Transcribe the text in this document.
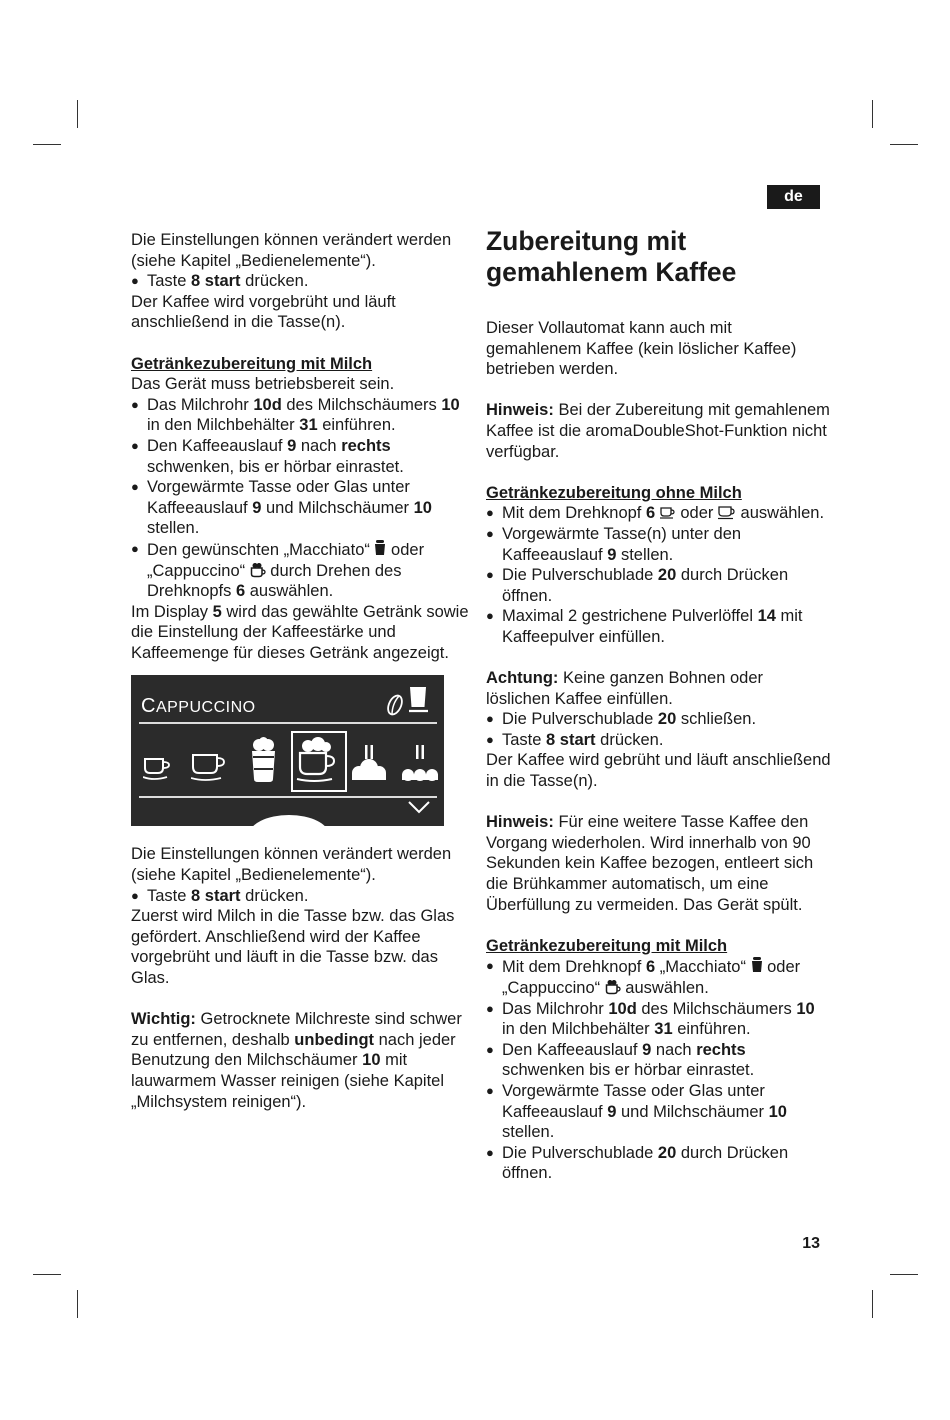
de
13

Die Einstellungen können verändert werden (siehe Kapitel „Bedienelemente“).

● Taste 8 start drücken.

Der Kaffee wird vorgebrüht und läuft anschließend in die Tasse(n).

Getränkezubereitung mit Milch

Das Gerät muss betriebsbereit sein.

● Das Milchrohr 10d des Milchschäumers 10 in den Milchbehälter 31 einführen.

● Den Kaffeeauslauf 9 nach rechts schwenken, bis er hörbar einrastet.

● Vorgewärmte Tasse oder Glas unter Kaffeeauslauf 9 und Milchschäumer 10 stellen.

● Den gewünschten „Macchiato“  oder „Cappuccino“  durch Drehen des Drehknopfs 6 auswählen.

Im Display 5 wird das gewählte Getränk sowie die Einstellung der Kaffeestärke und Kaffeemenge für dieses Getränk angezeigt.

CAPPUCCINO

Die Einstellungen können verändert werden (siehe Kapitel „Bedienelemente“).

● Taste 8 start drücken.

Zuerst wird Milch in die Tasse bzw. das Glas gefördert. Anschließend wird der Kaffee vorgebrüht und läuft in die Tasse bzw. das Glas.

Wichtig: Getrocknete Milchreste sind schwer zu entfernen, deshalb unbedingt nach jeder Benutzung den Milchschäumer 10 mit lauwarmem Wasser reinigen (siehe Kapitel „Milchsystem reinigen“).

Zubereitung mit gemahlenem Kaffee

Dieser Vollautomat kann auch mit gemahlenem Kaffee (kein löslicher Kaffee) betrieben werden.

Hinweis: Bei der Zubereitung mit gemahlenem Kaffee ist die aromaDoubleShot-Funktion nicht verfügbar.

Getränkezubereitung ohne Milch

● Mit dem Drehknopf 6  oder  auswählen.

● Vorgewärmte Tasse(n) unter den Kaffeeauslauf 9 stellen.

● Die Pulverschublade 20 durch Drücken öffnen.

● Maximal 2 gestrichene Pulverlöffel 14 mit Kaffeepulver einfüllen.

Achtung: Keine ganzen Bohnen oder löslichen Kaffee einfüllen.

● Die Pulverschublade 20 schließen.

● Taste 8 start drücken.

Der Kaffee wird gebrüht und läuft anschließend in die Tasse(n).

Hinweis: Für eine weitere Tasse Kaffee den Vorgang wiederholen. Wird innerhalb von 90 Sekunden kein Kaffee bezogen, entleert sich die Brühkammer automatisch, um eine Überfüllung zu vermeiden. Das Gerät spült.

Getränkezubereitung mit Milch

● Mit dem Drehknopf 6 „Macchiato“  oder „Cappuccino“  auswählen.

● Das Milchrohr 10d des Milchschäumers 10 in den Milchbehälter 31 einführen.

● Den Kaffeeauslauf 9 nach rechts schwenken bis er hörbar einrastet.

● Vorgewärmte Tasse oder Glas unter Kaffeeauslauf 9 und Milchschäumer 10 stellen.

● Die Pulverschublade 20 durch Drücken öffnen.
